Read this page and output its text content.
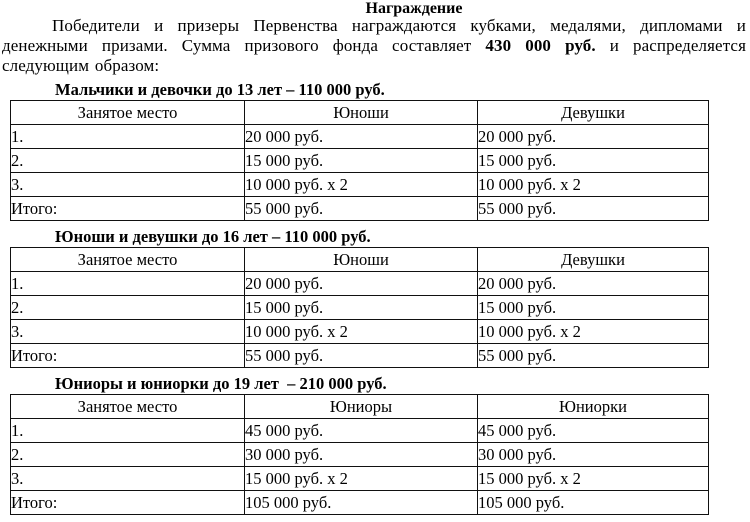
Награждение
Победители и призеры Первенства награждаются кубками, медалями, дипломами и денежными призами. Сумма призового фонда составляет 430 000 руб. и распределяется следующим образом:
Мальчики и девочки до 13 лет – 110 000 руб.
Занятое место	Юноши	Девушки
1.	20 000 руб.	20 000 руб.
2.	15 000 руб.	15 000 руб.
3.	10 000 руб. х 2	10 000 руб. х 2
Итого:	55 000 руб.	55 000 руб.
Юноши и девушки до 16 лет – 110 000 руб.
Занятое место	Юноши	Девушки
1.	20 000 руб.	20 000 руб.
2.	15 000 руб.	15 000 руб.
3.	10 000 руб. х 2	10 000 руб. х 2
Итого:	55 000 руб.	55 000 руб.
Юниоры и юниорки до 19 лет  – 210 000 руб.
Занятое место	Юниоры	Юниорки
1.	45 000 руб.	45 000 руб.
2.	30 000 руб.	30 000 руб.
3.	15 000 руб. х 2	15 000 руб. х 2
Итого:	105 000 руб.	105 000 руб.
